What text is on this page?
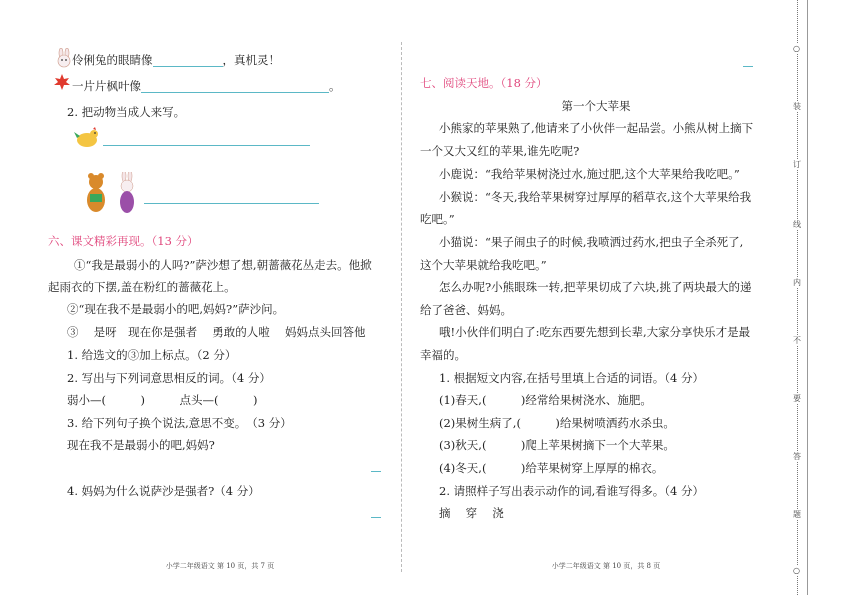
伶俐兔的眼睛像	，真机灵！
一片片枫叶像	。
2. 把动物当成人来写。
六、课文精彩再现。（13 分）
①“我是最弱小的人吗?”萨沙想了想,朝蔷薇花丛走去。他掀
起雨衣的下摆,盖在粉红的蔷薇花上。
②“现在我不是最弱小的吧,妈妈?”萨沙问。
③　 是呀　现在你是强者　 勇敢的人啦　 妈妈点头回答他
1. 给选文的③加上标点。（2 分）
2. 写出与下列词意思相反的词。（4 分）
弱小—(　　　)　　　点头—(　　　)
3. 给下列句子换个说法,意思不变。　（3 分）
现在我不是最弱小的吧,妈妈?
4. 妈妈为什么说萨沙是强者?（4 分）
小学二年级语文 第 10 页，共 7 页
七、阅读天地。（18 分）
第一个大苹果
小熊家的苹果熟了,他请来了小伙伴一起品尝。小熊从树上摘下
一个又大又红的苹果,谁先吃呢?
小鹿说：“我给苹果树浇过水,施过肥,这个大苹果给我吃吧。”
小猴说：“冬天,我给苹果树穿过厚厚的稻草衣,这个大苹果给我
吃吧。”
小猫说：“果子闹虫子的时候,我喷洒过药水,把虫子全杀死了,
这个大苹果就给我吃吧。”
怎么办呢?小熊眼珠一转,把苹果切成了六块,挑了两块最大的递
给了爸爸、妈妈。
哦!小伙伴们明白了:吃东西要先想到长辈,大家分享快乐才是最
幸福的。
1. 根据短文内容,在括号里填上合适的词语。（4 分）
(1)春天,(　　　)经常给果树浇水、施肥。
(2)果树生病了,(　　　)给果树喷洒药水杀虫。
(3)秋天,(　　　)爬上苹果树摘下一个大苹果。
(4)冬天,(　　　)给苹果树穿上厚厚的棉衣。
2. 请照样子写出表示动作的词,看谁写得多。（4 分）
摘　 穿　 浇
小学二年级语文 第 10 页，共 8 页
○
装
订
线
内
不
要
答
题
○
